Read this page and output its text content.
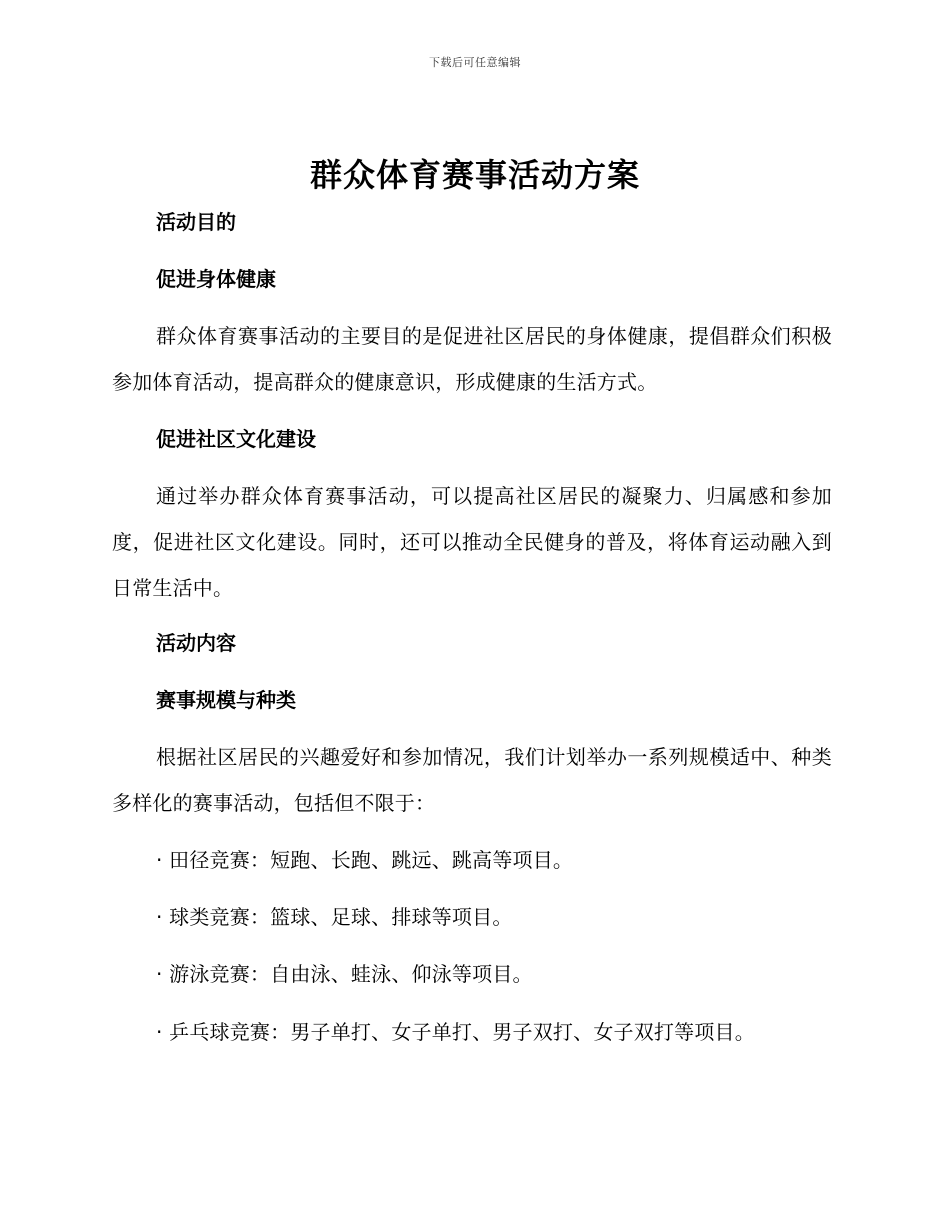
下载后可任意编辑
群众体育赛事活动方案
活动目的
促进身体健康
群众体育赛事活动的主要目的是促进社区居民的身体健康，提倡群众们积极参加体育活动，提高群众的健康意识，形成健康的生活方式。
促进社区文化建设
通过举办群众体育赛事活动，可以提高社区居民的凝聚力、归属感和参加度，促进社区文化建设。同时，还可以推动全民健身的普及，将体育运动融入到日常生活中。
活动内容
赛事规模与种类
根据社区居民的兴趣爱好和参加情况，我们计划举办一系列规模适中、种类多样化的赛事活动，包括但不限于：
· 田径竞赛：短跑、长跑、跳远、跳高等项目。
· 球类竞赛：篮球、足球、排球等项目。
· 游泳竞赛：自由泳、蛙泳、仰泳等项目。
· 乒乓球竞赛：男子单打、女子单打、男子双打、女子双打等项目。
